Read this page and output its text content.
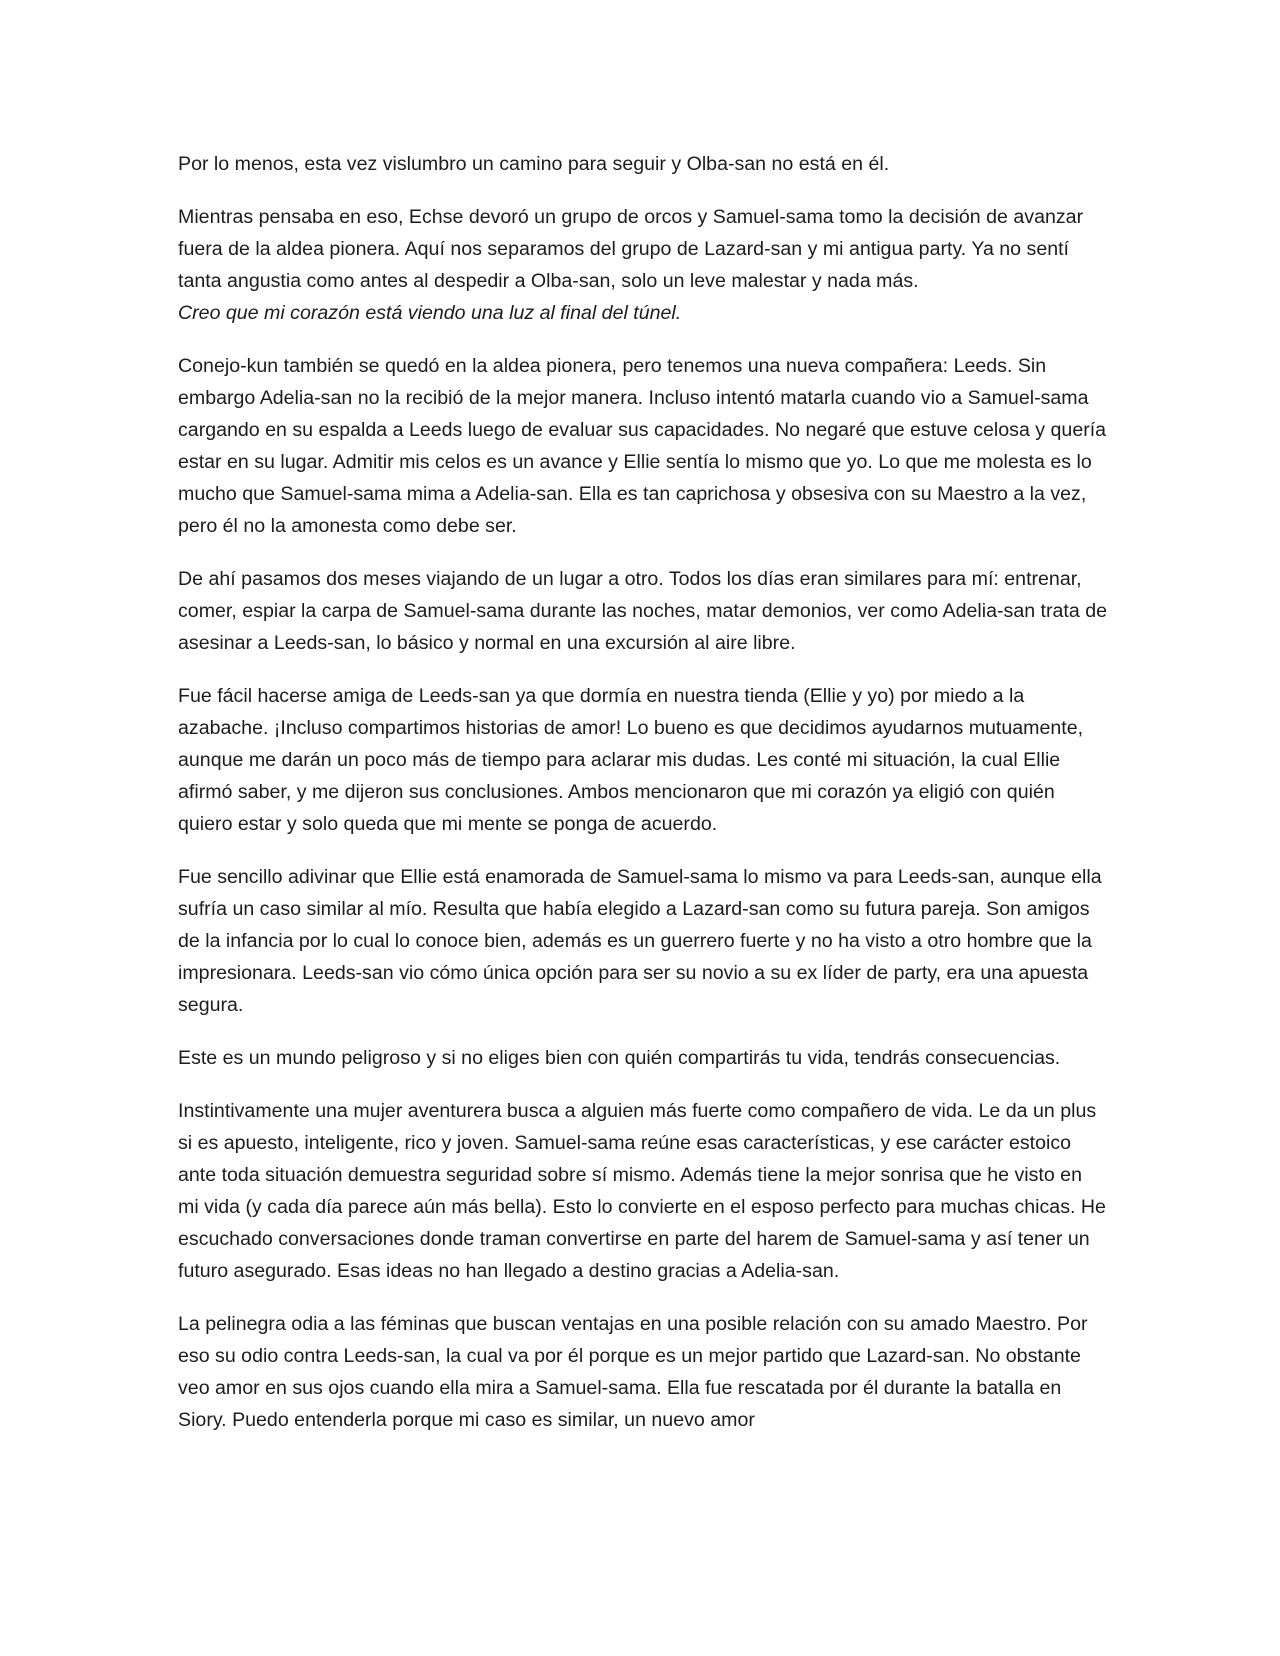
Por lo menos, esta vez vislumbro un camino para seguir y Olba-san no está en él.

Mientras pensaba en eso, Echse devoró un grupo de orcos y Samuel-sama tomo la decisión de avanzar fuera de la aldea pionera. Aquí nos separamos del grupo de Lazard-san y mi antigua party. Ya no sentí tanta angustia como antes al despedir a Olba-san, solo un leve malestar y nada más.
Creo que mi corazón está viendo una luz al final del túnel.

Conejo-kun también se quedó en la aldea pionera, pero tenemos una nueva compañera: Leeds. Sin embargo Adelia-san no la recibió de la mejor manera. Incluso intentó matarla cuando vio a Samuel-sama cargando en su espalda a Leeds luego de evaluar sus capacidades. No negaré que estuve celosa y quería estar en su lugar. Admitir mis celos es un avance y Ellie sentía lo mismo que yo. Lo que me molesta es lo mucho que Samuel-sama mima a Adelia-san. Ella es tan caprichosa y obsesiva con su Maestro a la vez, pero él no la amonesta como debe ser.

De ahí pasamos dos meses viajando de un lugar a otro. Todos los días eran similares para mí: entrenar, comer, espiar la carpa de Samuel-sama durante las noches, matar demonios, ver como Adelia-san trata de asesinar a Leeds-san, lo básico y normal en una excursión al aire libre.

Fue fácil hacerse amiga de Leeds-san ya que dormía en nuestra tienda (Ellie y yo) por miedo a la azabache. ¡Incluso compartimos historias de amor! Lo bueno es que decidimos ayudarnos mutuamente, aunque me darán un poco más de tiempo para aclarar mis dudas. Les conté mi situación, la cual Ellie afirmó saber, y me dijeron sus conclusiones. Ambos mencionaron que mi corazón ya eligió con quién quiero estar y solo queda que mi mente se ponga de acuerdo.

Fue sencillo adivinar que Ellie está enamorada de Samuel-sama lo mismo va para Leeds-san, aunque ella sufría un caso similar al mío. Resulta que había elegido a Lazard-san como su futura pareja. Son amigos de la infancia por lo cual lo conoce bien, además es un guerrero fuerte y no ha visto a otro hombre que la impresionara. Leeds-san vio cómo única opción para ser su novio a su ex líder de party, era una apuesta segura.

Este es un mundo peligroso y si no eliges bien con quién compartirás tu vida, tendrás consecuencias.

Instintivamente una mujer aventurera busca a alguien más fuerte como compañero de vida. Le da un plus si es apuesto, inteligente, rico y joven. Samuel-sama reúne esas características, y ese carácter estoico ante toda situación demuestra seguridad sobre sí mismo. Además tiene la mejor sonrisa que he visto en mi vida (y cada día parece aún más bella). Esto lo convierte en el esposo perfecto para muchas chicas. He escuchado conversaciones donde traman convertirse en parte del harem de Samuel-sama y así tener un futuro asegurado. Esas ideas no han llegado a destino gracias a Adelia-san.

La pelinegra odia a las féminas que buscan ventajas en una posible relación con su amado Maestro. Por eso su odio contra Leeds-san, la cual va por él porque es un mejor partido que Lazard-san. No obstante veo amor en sus ojos cuando ella mira a Samuel-sama. Ella fue rescatada por él durante la batalla en Siory. Puedo entenderla porque mi caso es similar, un nuevo amor
